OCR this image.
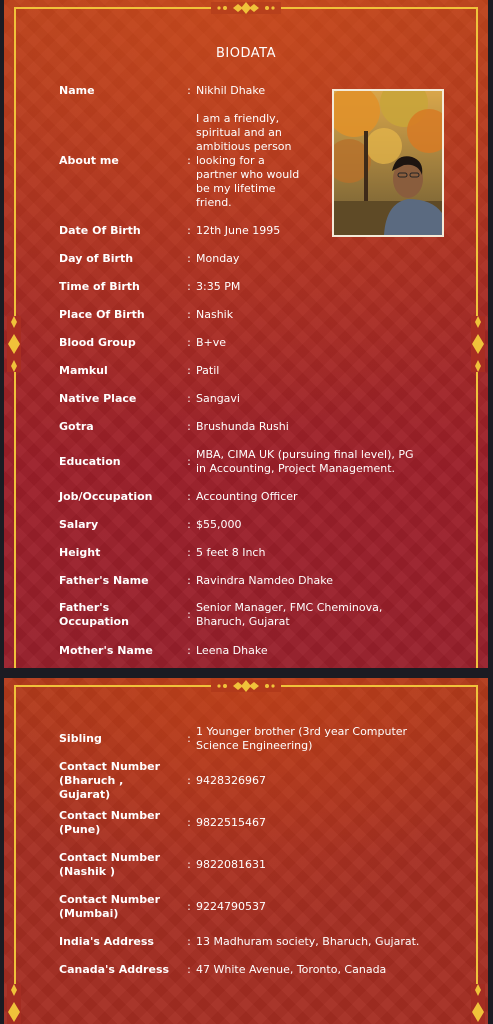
BIODATA
Name	: Nikhil Dhake
About me	:
I am a friendly, spiritual and an ambitious person looking for a partner who would be my lifetime friend.
Date Of Birth	: 12th June 1995
Day of Birth	: Monday
Time of Birth	: 3:35 PM
Place Of Birth	: Nashik
Blood Group	: B+ve
Mamkul	: Patil
Native Place	: Sangavi
Gotra	: Brushunda Rushi
Education	:
MBA, CIMA UK (pursuing final level), PG in Accounting, Project Management.
Job/Occupation	: Accounting Officer
Salary	: $55,000
Height	: 5 feet 8 Inch
Father's Name	: Ravindra Namdeo Dhake
Father's Occupation
:
Senior Manager, FMC Cheminova, Bharuch, Gujarat
Mother's Name	: Leena Dhake
Sibling	:
1 Younger brother (3rd year Computer Science Engineering)
Contact Number (Bharuch , Gujarat)
: 9428326967
Contact Number (Pune)
: 9822515467
Contact Number (Nashik )
: 9822081631
Contact Number (Mumbai)
: 9224790537
India's Address	: 13 Madhuram society, Bharuch, Gujarat.
Canada's Address	: 47 White Avenue, Toronto, Canada
